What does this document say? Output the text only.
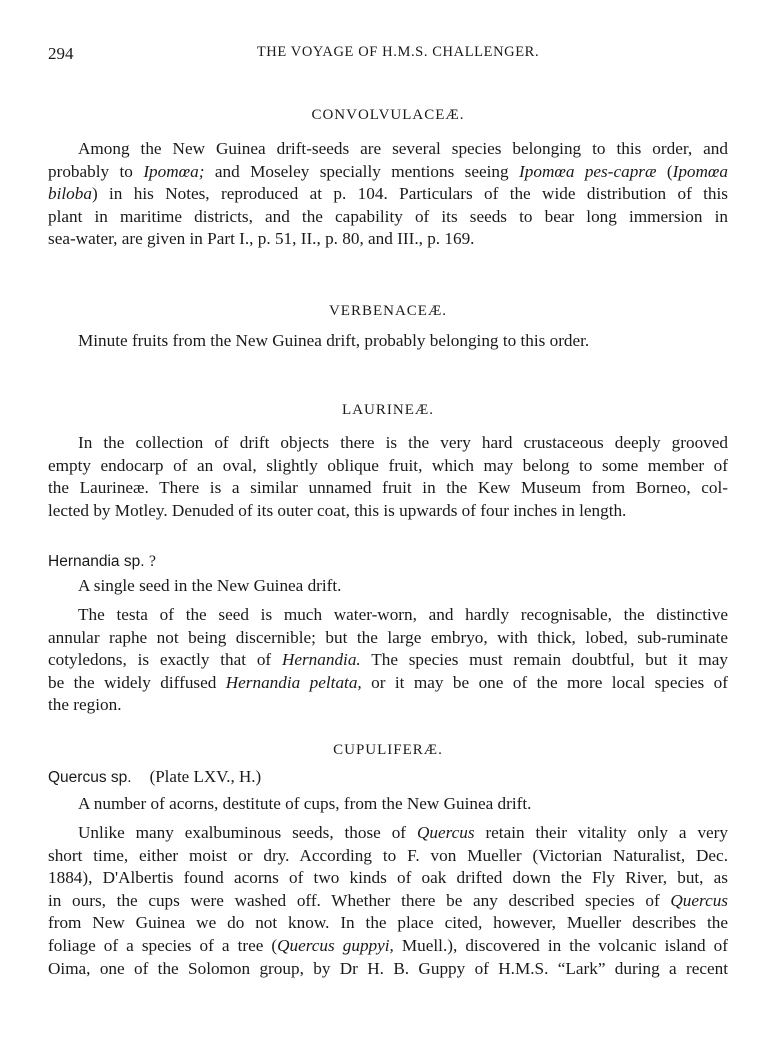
294	THE VOYAGE OF H.M.S. CHALLENGER.
CONVOLVULACEÆ.
Among the New Guinea drift-seeds are several species belonging to this order, and
probably to Ipomœa; and Moseley specially mentions seeing Ipomœa pes-capræ (Ipomœa
biloba) in his Notes, reproduced at p. 104. Particulars of the wide distribution of this
plant in maritime districts, and the capability of its seeds to bear long immersion in
sea-water, are given in Part I., p. 51, II., p. 80, and III., p. 169.
VERBENACEÆ.
Minute fruits from the New Guinea drift, probably belonging to this order.
LAURINEÆ.
In the collection of drift objects there is the very hard crustaceous deeply grooved
empty endocarp of an oval, slightly oblique fruit, which may belong to some member of
the Laurineæ. There is a similar unnamed fruit in the Kew Museum from Borneo, col-
lected by Motley. Denuded of its outer coat, this is upwards of four inches in length.
Hernandia sp. ?
A single seed in the New Guinea drift.
The testa of the seed is much water-worn, and hardly recognisable, the distinctive
annular raphe not being discernible; but the large embryo, with thick, lobed, sub-ruminate
cotyledons, is exactly that of Hernandia. The species must remain doubtful, but it may
be the widely diffused Hernandia peltata, or it may be one of the more local species of
the region.
CUPULIFERÆ.
Quercus sp. (Plate LXV., H.)
A number of acorns, destitute of cups, from the New Guinea drift.
Unlike many exalbuminous seeds, those of Quercus retain their vitality only a very
short time, either moist or dry. According to F. von Mueller (Victorian Naturalist, Dec.
1884), D'Albertis found acorns of two kinds of oak drifted down the Fly River, but, as
in ours, the cups were washed off. Whether there be any described species of Quercus
from New Guinea we do not know. In the place cited, however, Mueller describes the
foliage of a species of a tree (Quercus guppyi, Muell.), discovered in the volcanic island of
Oima, one of the Solomon group, by Dr H. B. Guppy of H.M.S. “Lark” during a recent
